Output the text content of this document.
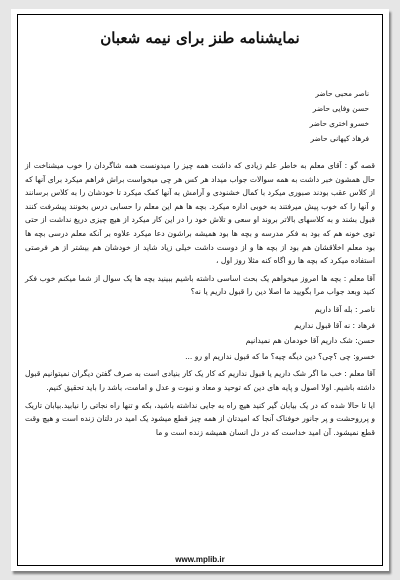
نمایشنامه طنز برای نیمه شعبان
ناصر محبی حاضر
حسن وفایی حاضر
خسرو اختری حاضر
فرهاد کیهانی حاضر

قصه گو : آقای معلم به خاطر علم زیادی که داشت همه چیز را میدونست همه شاگردان را خوب میشناخت از حال همشون خبر داشت به همه سوالات جواب میداد هر کس هر چی میخواست براش فراهم میکرد برای آنها که از کلاس عقب بودند صبوری میکرد با کمال خشنودی و آرامش به آنها کمک میکرد تا خودشان را به کلاس برسانند و آنها را که خوب پیش میرفتند به خوبی اداره میکرد. بچه ها هم این معلم را حسابی درس بخونند پیشرفت کنند قبول بشند و به کلاسهای بالاتر بروند او سعی و تلاش خود را در این کار میکرد از هیچ چیزی دریغ نداشت از حتی توی خونه هم که بود به فکر مدرسه و بچه ها بود همیشه براشون دعا میکرد علاوه بر آنکه معلم درسی بچه ها بود معلم اخلاقشان هم بود از بچه ها و از دوست داشت خیلی زیاد شاید از خودشان هم بیشتر از هر فرصتی استفاده میکرد که بچه ها رو اگاه کنه مثلا روز اول ،

آقا معلم : بچه ها امروز میخواهم یک بحث اساسی داشته باشیم ببینید بچه ها یک سوال از شما میکنم خوب فکر کنید وبعد جواب مرا بگویید ما اصلا دین را قبول داریم یا نه؟

ناصر : بله آقا داریم

فرهاد : نه آقا قبول نداریم

حسن: شک داریم آقا خودمان هم نمیدانیم

خسرو: چی ؟چی؟ دین دیگه چیه؟ ما که قبول نداریم او رو ...

آقا معلم : خب ما اگر شک داریم یا قبول نداریم که کار یک کار بنیادی است به صرف گفتن دیگران نمیتوانیم قبول داشته باشیم. اولا اصول و پایه های دین که توحید و معاد و نبوت و عدل و امامت، باشد را باید تحقیق کنیم.

ایا تا حالا شده که در یک بیابان گیر کنید هیچ راه به جایی نداشته باشید، بکه و تنها راه نجاتی را نیابید.بیابان تاریک و پرروحشت و پر جانور خوفناک آنجا که امیدتان از همه چیز قطع میشود یک امید در دلتان زنده است و هیچ وقت قطع نمیشود. آن امید خداست که در دل انسان همیشه زنده است و ما

www.mplib.ir
